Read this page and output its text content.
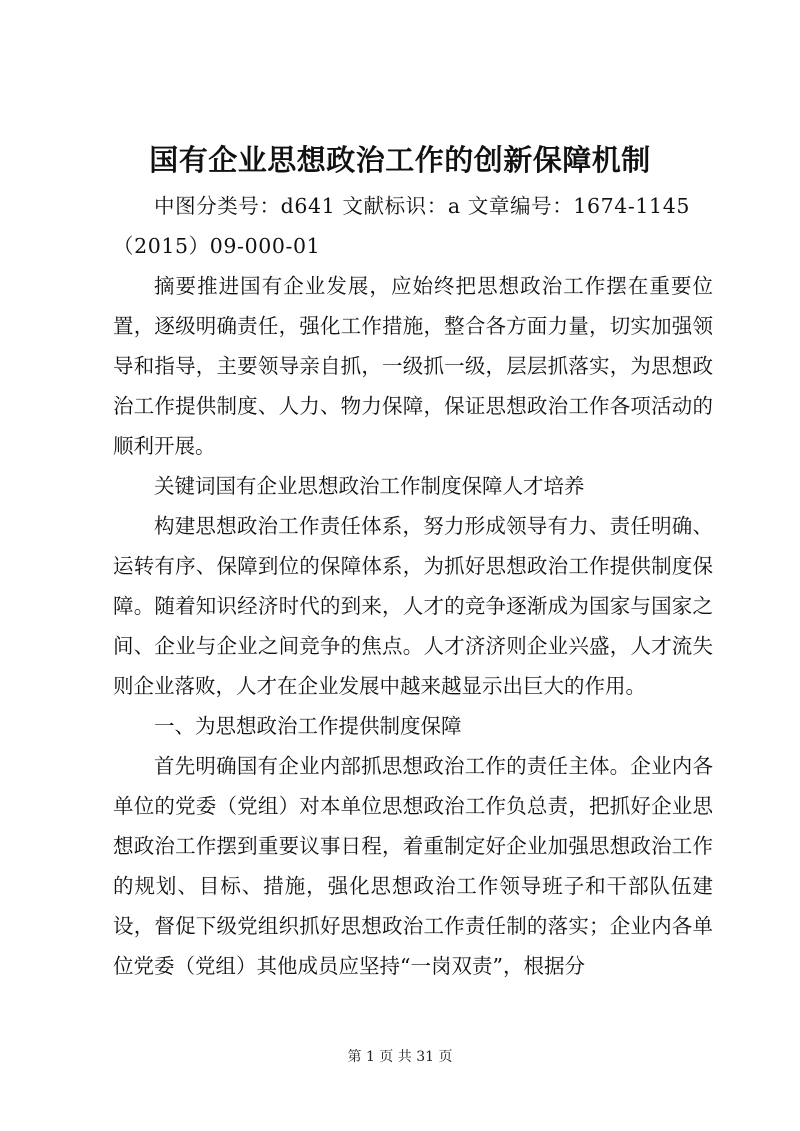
国有企业思想政治工作的创新保障机制
中图分类号：d641 文献标识：a 文章编号：1674-1145（2015）09-000-01

摘要推进国有企业发展，应始终把思想政治工作摆在重要位置，逐级明确责任，强化工作措施，整合各方面力量，切实加强领导和指导，主要领导亲自抓，一级抓一级，层层抓落实，为思想政治工作提供制度、人力、物力保障，保证思想政治工作各项活动的顺利开展。

关键词国有企业思想政治工作制度保障人才培养

构建思想政治工作责任体系，努力形成领导有力、责任明确、运转有序、保障到位的保障体系，为抓好思想政治工作提供制度保障。随着知识经济时代的到来，人才的竞争逐渐成为国家与国家之间、企业与企业之间竞争的焦点。人才济济则企业兴盛，人才流失则企业落败，人才在企业发展中越来越显示出巨大的作用。

一、为思想政治工作提供制度保障

首先明确国有企业内部抓思想政治工作的责任主体。企业内各单位的党委（党组）对本单位思想政治工作负总责，把抓好企业思想政治工作摆到重要议事日程，着重制定好企业加强思想政治工作的规划、目标、措施，强化思想政治工作领导班子和干部队伍建设，督促下级党组织抓好思想政治工作责任制的落实；企业内各单位党委（党组）其他成员应坚持“一岗双责”，根据分

第 1 页 共 31 页
